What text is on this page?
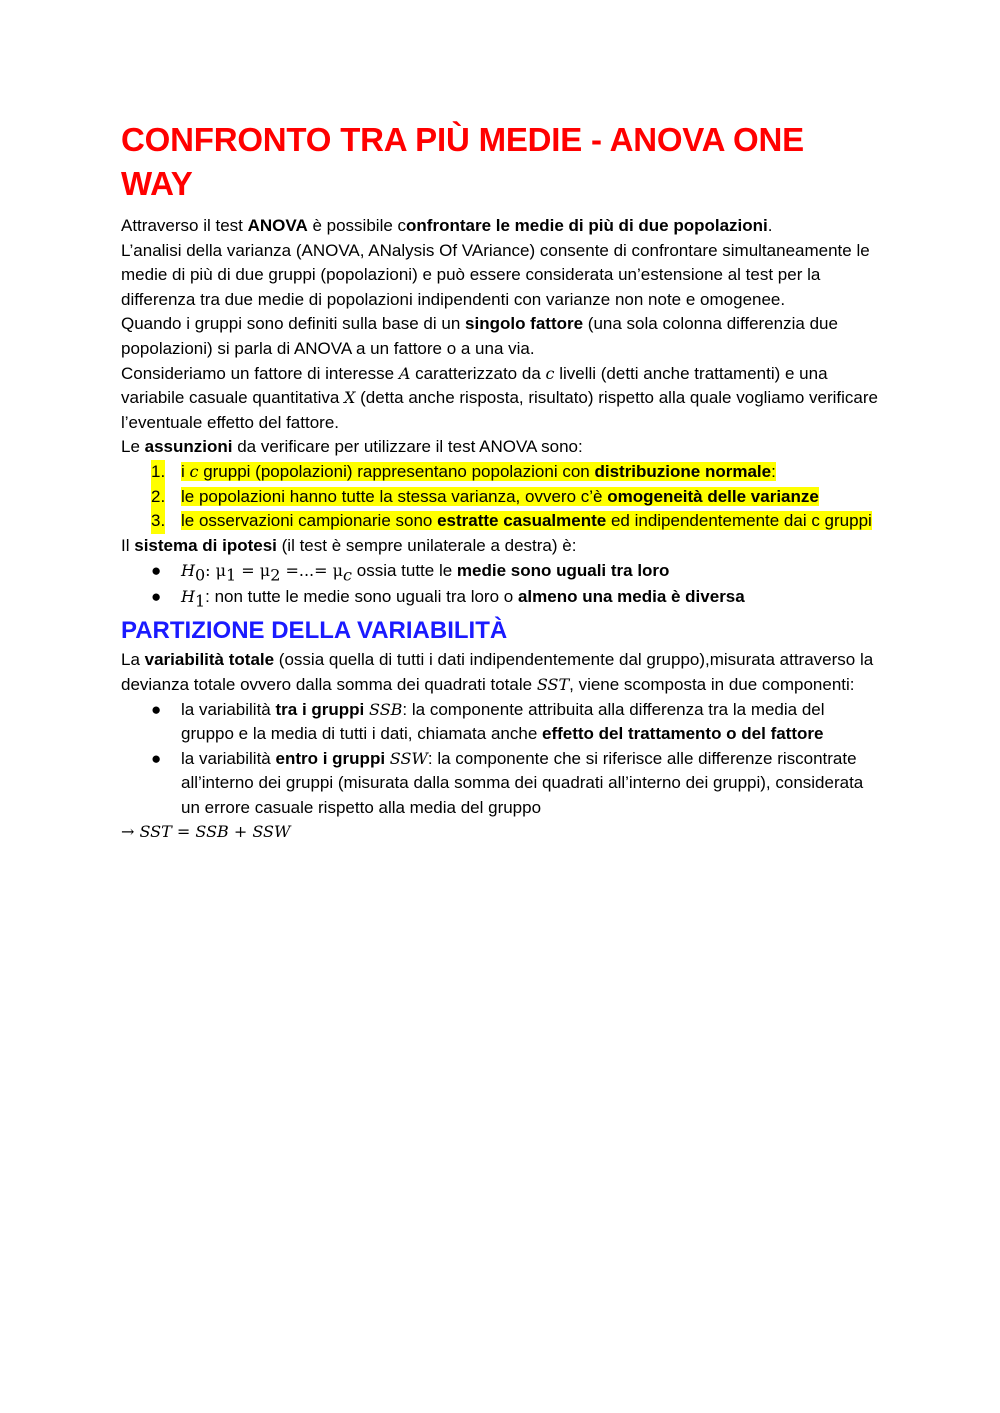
CONFRONTO TRA PIÙ MEDIE - ANOVA ONE WAY

Attraverso il test ANOVA è possibile confrontare le medie di più di due popolazioni.

L’analisi della varianza (ANOVA, ANalysis Of VAriance) consente di confrontare simultaneamente le medie di più di due gruppi (popolazioni) e può essere considerata un’estensione al test per la differenza tra due medie di popolazioni indipendenti con varianze non note e omogenee.

Quando i gruppi sono definiti sulla base di un singolo fattore (una sola colonna differenzia due popolazioni) si parla di ANOVA a un fattore o a una via.

Consideriamo un fattore di interesse A caratterizzato da c livelli (detti anche trattamenti) e una variabile casuale quantitativa X (detta anche risposta, risultato) rispetto alla quale vogliamo verificare l’eventuale effetto del fattore.

Le assunzioni da verificare per utilizzare il test ANOVA sono:

1. i c gruppi (popolazioni) rappresentano popolazioni con distribuzione normale:
2. le popolazioni hanno tutte la stessa varianza, ovvero c’è omogeneità delle varianze
3. le osservazioni campionarie sono estratte casualmente ed indipendentemente dai c gruppi

Il sistema di ipotesi (il test è sempre unilaterale a destra) è:

● $H_0$: $\mu_1 = \mu_2$ =...= $\mu_c$ ossia tutte le medie sono uguali tra loro
● $H_1$: non tutte le medie sono uguali tra loro o almeno una media è diversa
PARTIZIONE DELLA VARIABILITÀ

La variabilità totale (ossia quella di tutti i dati indipendentemente dal gruppo),misurata attraverso la devianza totale ovvero dalla somma dei quadrati totale SST, viene scomposta in due componenti:

● la variabilità tra i gruppi SSB: la componente attribuita alla differenza tra la media del gruppo e la media di tutti i dati, chiamata anche effetto del trattamento o del fattore
● la variabilità entro i gruppi SSW: la componente che si riferisce alle differenze riscontrate all’interno dei gruppi (misurata dalla somma dei quadrati all’interno dei gruppi), considerata un errore casuale rispetto alla media del gruppo

→ SST = SSB + SSW
